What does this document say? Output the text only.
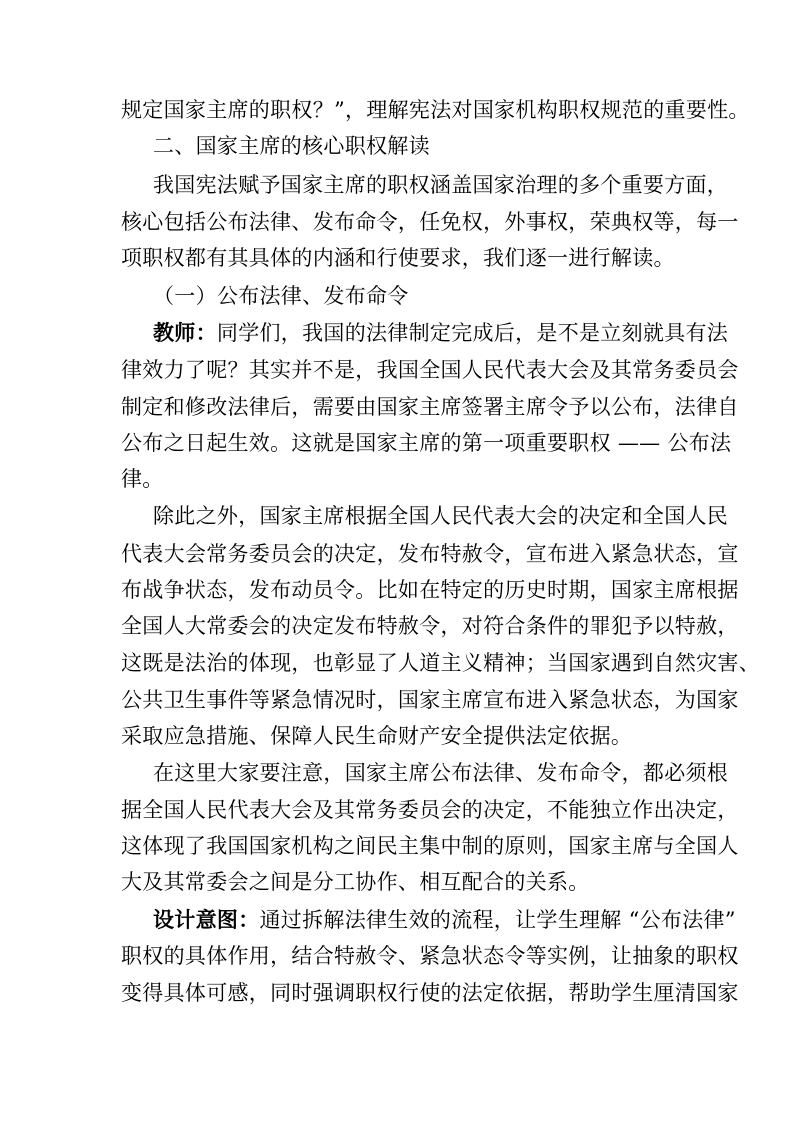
规定国家主席的职权？”，理解宪法对国家机构职权规范的重要性。
二、国家主席的核心职权解读
我国宪法赋予国家主席的职权涵盖国家治理的多个重要方面，
核心包括公布法律、发布命令，任免权，外事权，荣典权等，每一
项职权都有其具体的内涵和行使要求，我们逐一进行解读。
（一）公布法律、发布命令
教师：同学们，我国的法律制定完成后，是不是立刻就具有法
律效力了呢？其实并不是，我国全国人民代表大会及其常务委员会
制定和修改法律后，需要由国家主席签署主席令予以公布，法律自
公布之日起生效。这就是国家主席的第一项重要职权 —— 公布法
律。
除此之外，国家主席根据全国人民代表大会的决定和全国人民
代表大会常务委员会的决定，发布特赦令，宣布进入紧急状态，宣
布战争状态，发布动员令。比如在特定的历史时期，国家主席根据
全国人大常委会的决定发布特赦令，对符合条件的罪犯予以特赦，
这既是法治的体现，也彰显了人道主义精神；当国家遇到自然灾害、
公共卫生事件等紧急情况时，国家主席宣布进入紧急状态，为国家
采取应急措施、保障人民生命财产安全提供法定依据。
在这里大家要注意，国家主席公布法律、发布命令，都必须根
据全国人民代表大会及其常务委员会的决定，不能独立作出决定，
这体现了我国国家机构之间民主集中制的原则，国家主席与全国人
大及其常委会之间是分工协作、相互配合的关系。
设计意图：通过拆解法律生效的流程，让学生理解 “公布法律”
职权的具体作用，结合特赦令、紧急状态令等实例，让抽象的职权
变得具体可感，同时强调职权行使的法定依据，帮助学生厘清国家
